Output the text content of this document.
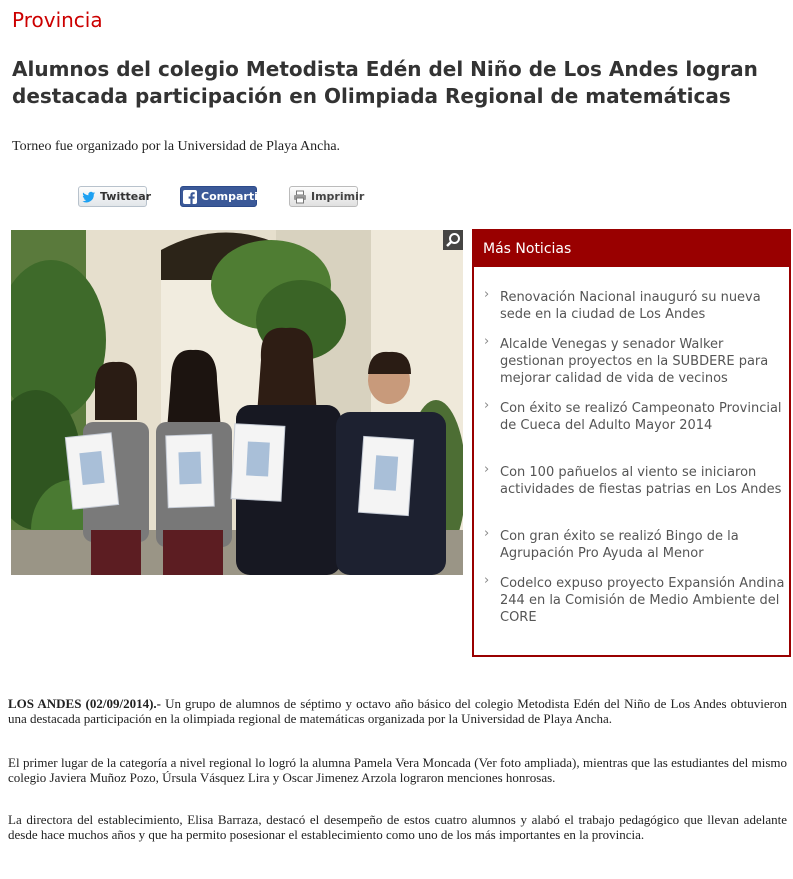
Provincia
Alumnos del colegio Metodista Edén del Niño de Los Andes logran destacada participación en Olimpiada Regional de matemáticas
Torneo fue organizado por la Universidad de Playa Ancha.
Twittear	Compartir	Imprimir
Más Noticias
› Renovación Nacional inauguró su nueva sede en la ciudad de Los Andes
› Alcalde Venegas y senador Walker gestionan proyectos en la SUBDERE para mejorar calidad de vida de vecinos
› Con éxito se realizó Campeonato Provincial de Cueca del Adulto Mayor 2014
› Con 100 pañuelos al viento se iniciaron actividades de fiestas patrias en Los Andes
› Con gran éxito se realizó Bingo de la Agrupación Pro Ayuda al Menor
› Codelco expuso proyecto Expansión Andina 244 en la Comisión de Medio Ambiente del CORE

LOS ANDES (02/09/2014).- Un grupo de alumnos de séptimo y octavo año básico del colegio Metodista Edén del Niño de Los Andes obtuvieron una destacada participación en la olimpiada regional de matemáticas organizada por la Universidad de Playa Ancha.

El primer lugar de la categoría a nivel regional lo logró la alumna Pamela Vera Moncada (Ver foto ampliada), mientras que las estudiantes del mismo colegio Javiera Muñoz Pozo, Úrsula Vásquez Lira y Oscar Jimenez Arzola lograron menciones honrosas.

La directora del establecimiento, Elisa Barraza, destacó el desempeño de estos cuatro alumnos y alabó el trabajo pedagógico que llevan adelante desde hace muchos años y que ha permito posesionar el establecimiento como uno de los más importantes en la provincia.
